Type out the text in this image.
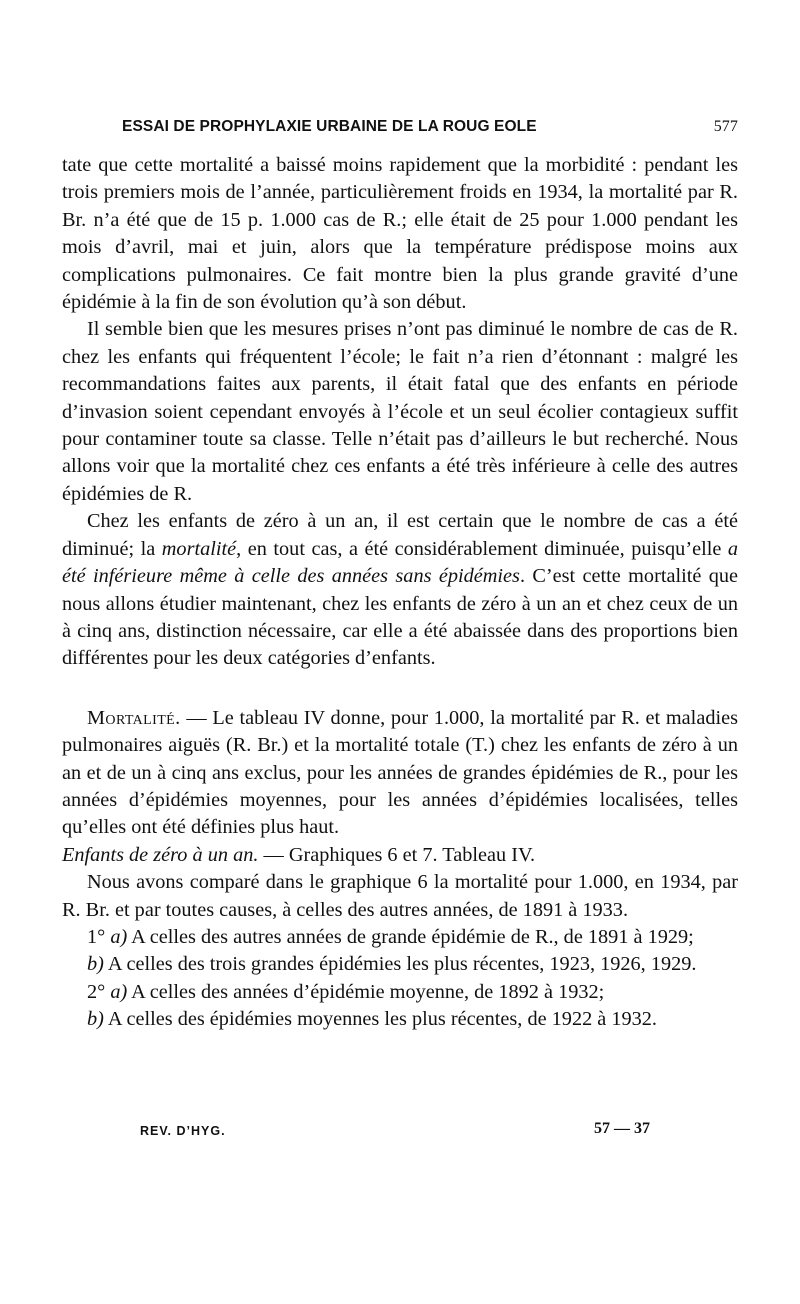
ESSAI DE PROPHYLAXIE URBAINE DE LA ROUG EOLE	577

tate que cette mortalité a baissé moins rapidement que la morbidité : pendant les trois premiers mois de l’année, particulièrement froids en 1934, la mortalité par R. Br. n’a été que de 15 p. 1.000 cas de R.; elle était de 25 pour 1.000 pendant les mois d’avril, mai et juin, alors que la température prédispose moins aux complications pulmonaires. Ce fait montre bien la plus grande gravité d’une épidémie à la fin de son évolution qu’à son début.

Il semble bien que les mesures prises n’ont pas diminué le nombre de cas de R. chez les enfants qui fréquentent l’école; le fait n’a rien d’étonnant : malgré les recommandations faites aux parents, il était fatal que des enfants en période d’invasion soient cependant envoyés à l’école et un seul écolier contagieux suffit pour contaminer toute sa classe. Telle n’était pas d’ailleurs le but recherché. Nous allons voir que la mortalité chez ces enfants a été très inférieure à celle des autres épidémies de R.

Chez les enfants de zéro à un an, il est certain que le nombre de cas a été diminué; la mortalité, en tout cas, a été considérablement diminuée, puisqu’elle a été inférieure même à celle des années sans épidémies. C’est cette mortalité que nous allons étudier maintenant, chez les enfants de zéro à un an et chez ceux de un à cinq ans, distinction nécessaire, car elle a été abaissée dans des proportions bien différentes pour les deux catégories d’enfants.

Mortalité. — Le tableau IV donne, pour 1.000, la mortalité par R. et maladies pulmonaires aiguës (R. Br.) et la mortalité totale (T.) chez les enfants de zéro à un an et de un à cinq ans exclus, pour les années de grandes épidémies de R., pour les années d’épidémies moyennes, pour les années d’épidémies localisées, telles qu’elles ont été définies plus haut.

Enfants de zéro à un an. — Graphiques 6 et 7. Tableau IV.

Nous avons comparé dans le graphique 6 la mortalité pour 1.000, en 1934, par R. Br. et par toutes causes, à celles des autres années, de 1891 à 1933.

1° a) A celles des autres années de grande épidémie de R., de 1891 à 1929;

b) A celles des trois grandes épidémies les plus récentes, 1923, 1926, 1929.

2° a) A celles des années d’épidémie moyenne, de 1892 à 1932;

b) A celles des épidémies moyennes les plus récentes, de 1922 à 1932.

REV. D’HYG.	57 — 37
